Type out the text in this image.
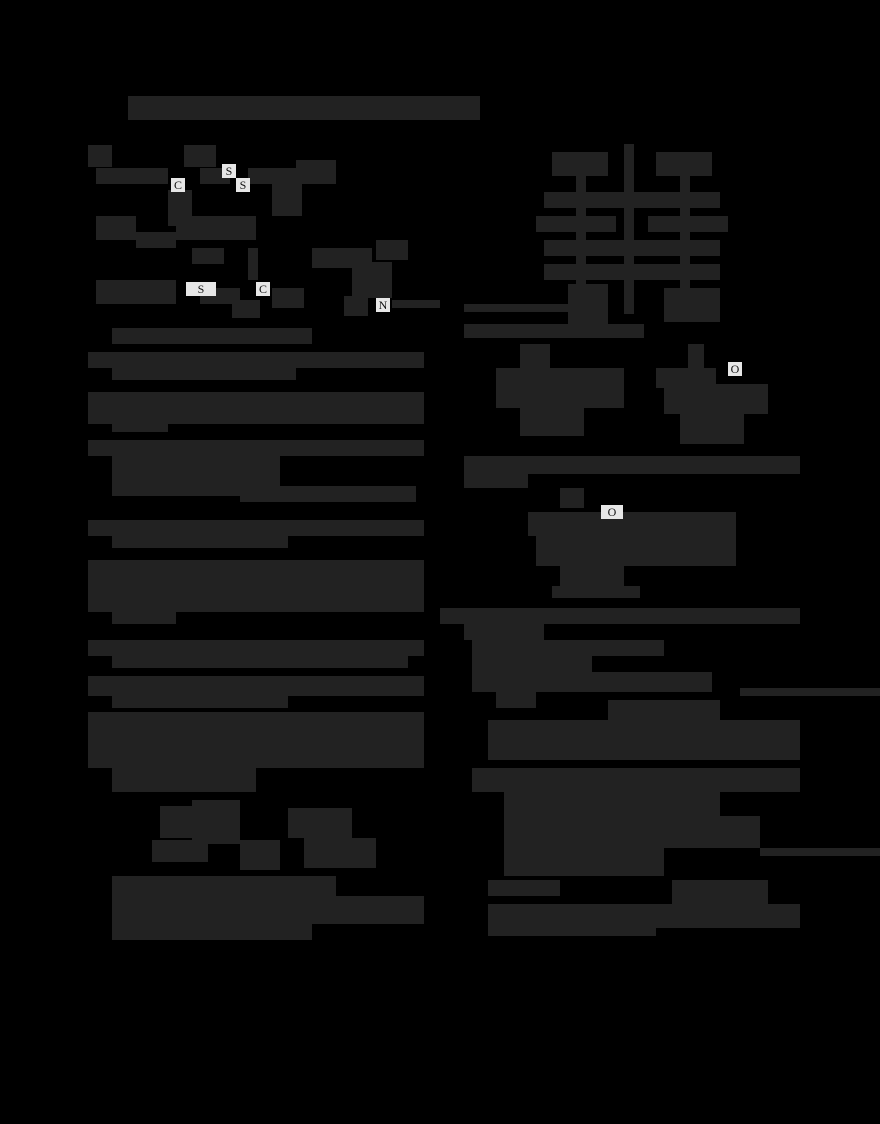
C
S
S
S	C
N
O
O
